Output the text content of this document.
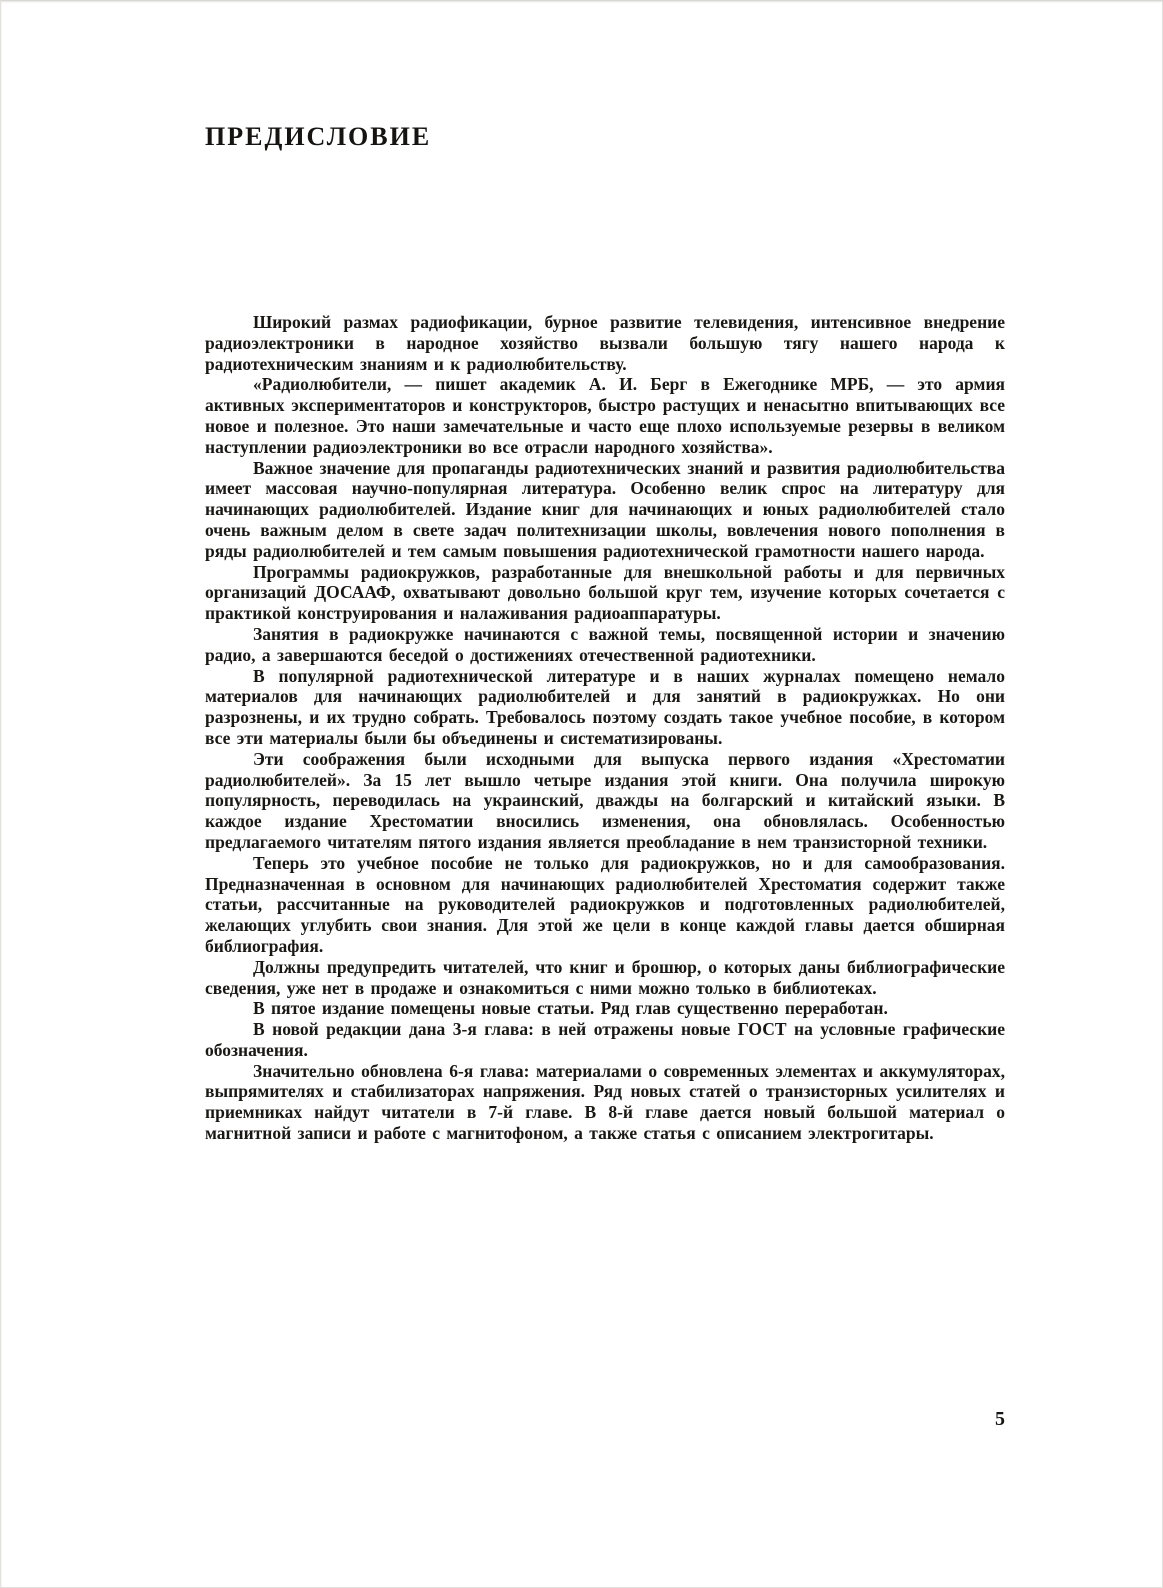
ПРЕДИСЛОВИЕ

Широкий размах радиофикации, бурное развитие телевидения, интенсивное внедрение радиоэлектроники в народное хозяйство вызвали большую тягу нашего народа к радиотехническим знаниям и к радиолюбительству.

«Радиолюбители, — пишет академик А. И. Берг в Ежегоднике МРБ, — это армия активных экспериментаторов и конструкторов, быстро растущих и ненасытно впитывающих все новое и полезное. Это наши замечательные и часто еще плохо используемые резервы в великом наступлении радиоэлектроники во все отрасли народного хозяйства».

Важное значение для пропаганды радиотехнических знаний и развития радиолюбительства имеет массовая научно-популярная литература. Особенно велик спрос на литературу для начинающих радиолюбителей. Издание книг для начинающих и юных радиолюбителей стало очень важным делом в свете задач политехнизации школы, вовлечения нового пополнения в ряды радиолюбителей и тем самым повышения радиотехнической грамотности нашего народа.

Программы радиокружков, разработанные для внешкольной работы и для первичных организаций ДОСААФ, охватывают довольно большой круг тем, изучение которых сочетается с практикой конструирования и налаживания радиоаппаратуры.

Занятия в радиокружке начинаются с важной темы, посвященной истории и значению радио, а завершаются беседой о достижениях отечественной радиотехники.

В популярной радиотехнической литературе и в наших журналах помещено немало материалов для начинающих радиолюбителей и для занятий в радиокружках. Но они разрознены, и их трудно собрать. Требовалось поэтому создать такое учебное пособие, в котором все эти материалы были бы объединены и систематизированы.

Эти соображения были исходными для выпуска первого издания «Хрестоматии радиолюбителей». За 15 лет вышло четыре издания этой книги. Она получила широкую популярность, переводилась на украинский, дважды на болгарский и китайский языки. В каждое издание Хрестоматии вносились изменения, она обновлялась. Особенностью предлагаемого читателям пятого издания является преобладание в нем транзисторной техники.

Теперь это учебное пособие не только для радиокружков, но и для самообразования. Предназначенная в основном для начинающих радиолюбителей Хрестоматия содержит также статьи, рассчитанные на руководителей радиокружков и подготовленных радиолюбителей, желающих углубить свои знания. Для этой же цели в конце каждой главы дается обширная библиография.

Должны предупредить читателей, что книг и брошюр, о которых даны библиографические сведения, уже нет в продаже и ознакомиться с ними можно только в библиотеках.

В пятое издание помещены новые статьи. Ряд глав существенно переработан.

В новой редакции дана 3-я глава: в ней отражены новые ГОСТ на условные графические обозначения.

Значительно обновлена 6-я глава: материалами о современных элементах и аккумуляторах, выпрямителях и стабилизаторах напряжения. Ряд новых статей о транзисторных усилителях и приемниках найдут читатели в 7-й главе. В 8-й главе дается новый большой материал о магнитной записи и работе с магнитофоном, а также статья с описанием электрогитары.

5
